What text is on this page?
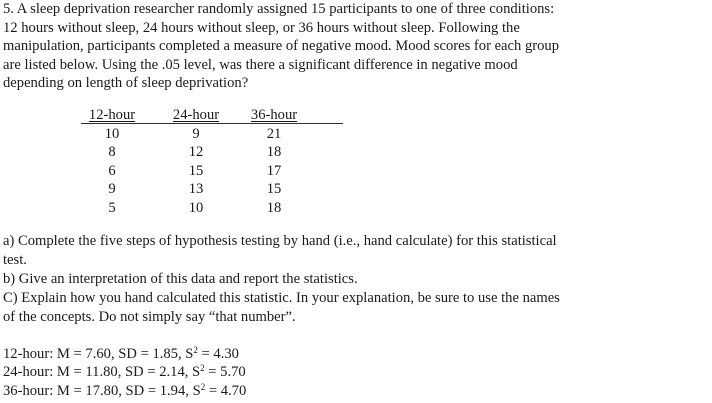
5. A sleep deprivation researcher randomly assigned 15 participants to one of three conditions:

12 hours without sleep, 24 hours without sleep, or 36 hours without sleep. Following the

manipulation, participants completed a measure of negative mood. Mood scores for each group

are listed below. Using the .05 level, was there a significant difference in negative mood

depending on length of sleep deprivation?

12-hour
10
8
6
9
5
24-hour
9
12
15
13
10
36-hour
21
18
17
15
18

a) Complete the five steps of hypothesis testing by hand (i.e., hand calculate) for this statistical

test.

b) Give an interpretation of this data and report the statistics.

C) Explain how you hand calculated this statistic. In your explanation, be sure to use the names

of the concepts. Do not simply say “that number”.

12-hour: M = 7.60, SD = 1.85, $S^2 = 4.30$

24-hour: M = 11.80, SD = 2.14, $S^2 = 5.70$

36-hour: M = 17.80, SD = 1.94, $S^2 = 4.70$
